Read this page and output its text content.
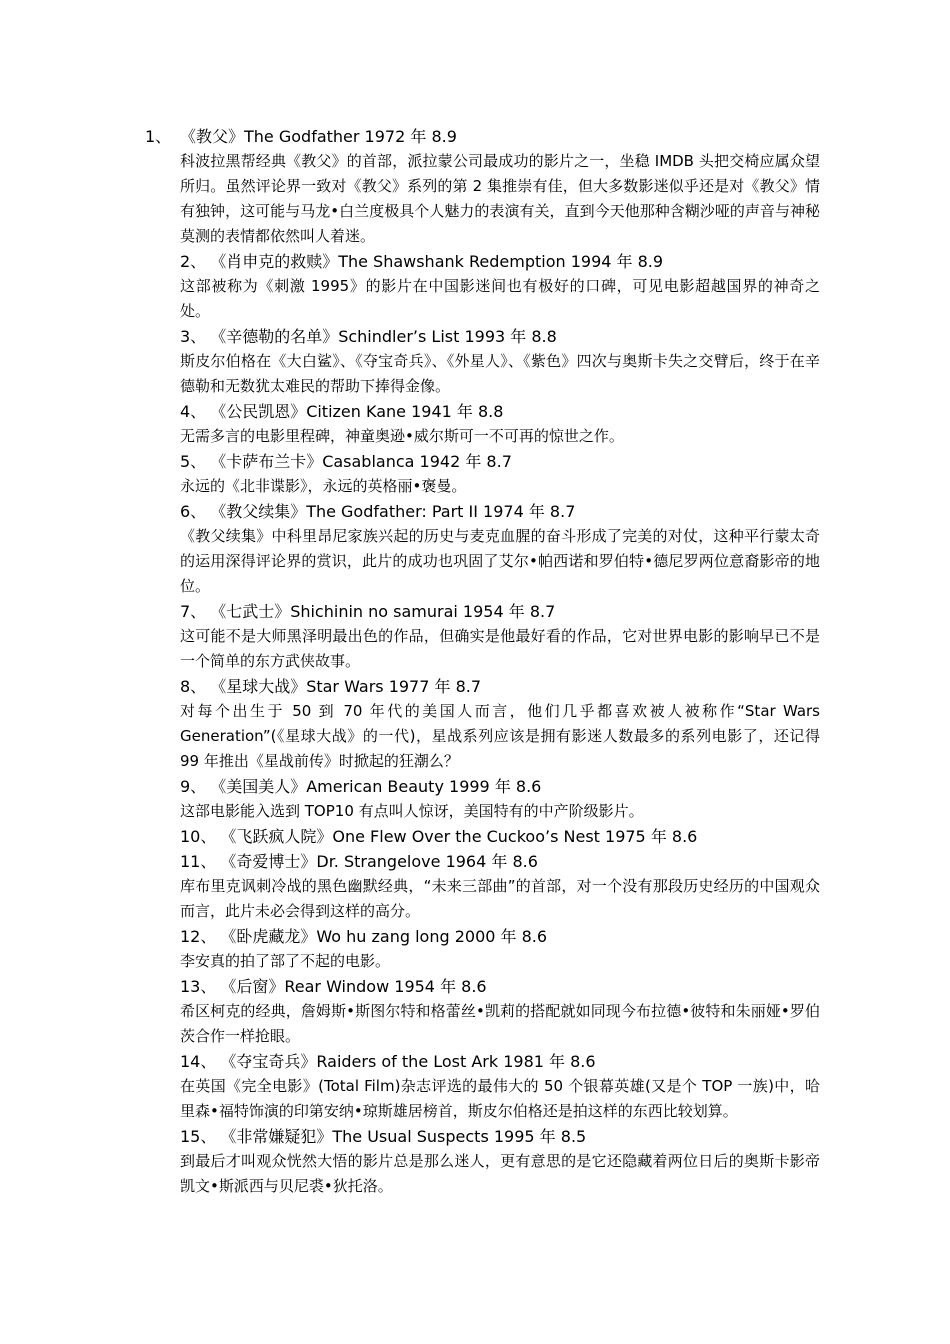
1、 《教父》The Godfather 1972 年 8.9
科波拉黑帮经典《教父》的首部，派拉蒙公司最成功的影片之一，坐稳 IMDB 头把交椅应属众望所归。虽然评论界一致对《教父》系列的第 2 集推崇有佳，但大多数影迷似乎还是对《教父》情有独钟，这可能与马龙•白兰度极具个人魅力的表演有关，直到今天他那种含糊沙哑的声音与神秘莫测的表情都依然叫人着迷。
2、 《肖申克的救赎》The Shawshank Redemption 1994 年 8.9
这部被称为《刺激 1995》的影片在中国影迷间也有极好的口碑，可见电影超越国界的神奇之处。
3、 《辛德勒的名单》Schindler’s List 1993 年 8.8
斯皮尔伯格在《大白鲨》、《夺宝奇兵》、《外星人》、《紫色》四次与奥斯卡失之交臂后，终于在辛德勒和无数犹太难民的帮助下捧得金像。
4、 《公民凯恩》Citizen Kane 1941 年 8.8
无需多言的电影里程碑，神童奥逊•威尔斯可一不可再的惊世之作。
5、 《卡萨布兰卡》Casablanca 1942 年 8.7
永远的《北非谍影》，永远的英格丽•褒曼。
6、 《教父续集》The Godfather: Part II 1974 年 8.7
《教父续集》中科里昂尼家族兴起的历史与麦克血腥的奋斗形成了完美的对仗，这种平行蒙太奇的运用深得评论界的赏识，此片的成功也巩固了艾尔•帕西诺和罗伯特•德尼罗两位意裔影帝的地位。
7、 《七武士》Shichinin no samurai 1954 年 8.7
这可能不是大师黑泽明最出色的作品，但确实是他最好看的作品，它对世界电影的影响早已不是一个简单的东方武侠故事。
8、 《星球大战》Star Wars 1977 年 8.7
对每个出生于 50 到 70 年代的美国人而言，他们几乎都喜欢被人被称作“Star Wars Generation”(《星球大战》的一代)，星战系列应该是拥有影迷人数最多的系列电影了，还记得 99 年推出《星战前传》时掀起的狂潮么？
9、 《美国美人》American Beauty 1999 年 8.6
这部电影能入选到 TOP10 有点叫人惊讶，美国特有的中产阶级影片。
10、 《飞跃疯人院》One Flew Over the Cuckoo’s Nest 1975 年 8.6
11、 《奇爱博士》Dr. Strangelove 1964 年 8.6
库布里克讽刺冷战的黑色幽默经典，“未来三部曲”的首部，对一个没有那段历史经历的中国观众而言，此片未必会得到这样的高分。
12、 《卧虎藏龙》Wo hu zang long 2000 年 8.6
李安真的拍了部了不起的电影。
13、 《后窗》Rear Window 1954 年 8.6
希区柯克的经典，詹姆斯•斯图尔特和格蕾丝•凯莉的搭配就如同现今布拉德•彼特和朱丽娅•罗伯茨合作一样抢眼。
14、 《夺宝奇兵》Raiders of the Lost Ark 1981 年 8.6
在英国《完全电影》(Total Film)杂志评选的最伟大的 50 个银幕英雄(又是个 TOP 一族)中，哈里森•福特饰演的印第安纳•琼斯雄居榜首，斯皮尔伯格还是拍这样的东西比较划算。
15、 《非常嫌疑犯》The Usual Suspects 1995 年 8.5
到最后才叫观众恍然大悟的影片总是那么迷人，更有意思的是它还隐藏着两位日后的奥斯卡影帝凯文•斯派西与贝尼裘•狄托洛。
